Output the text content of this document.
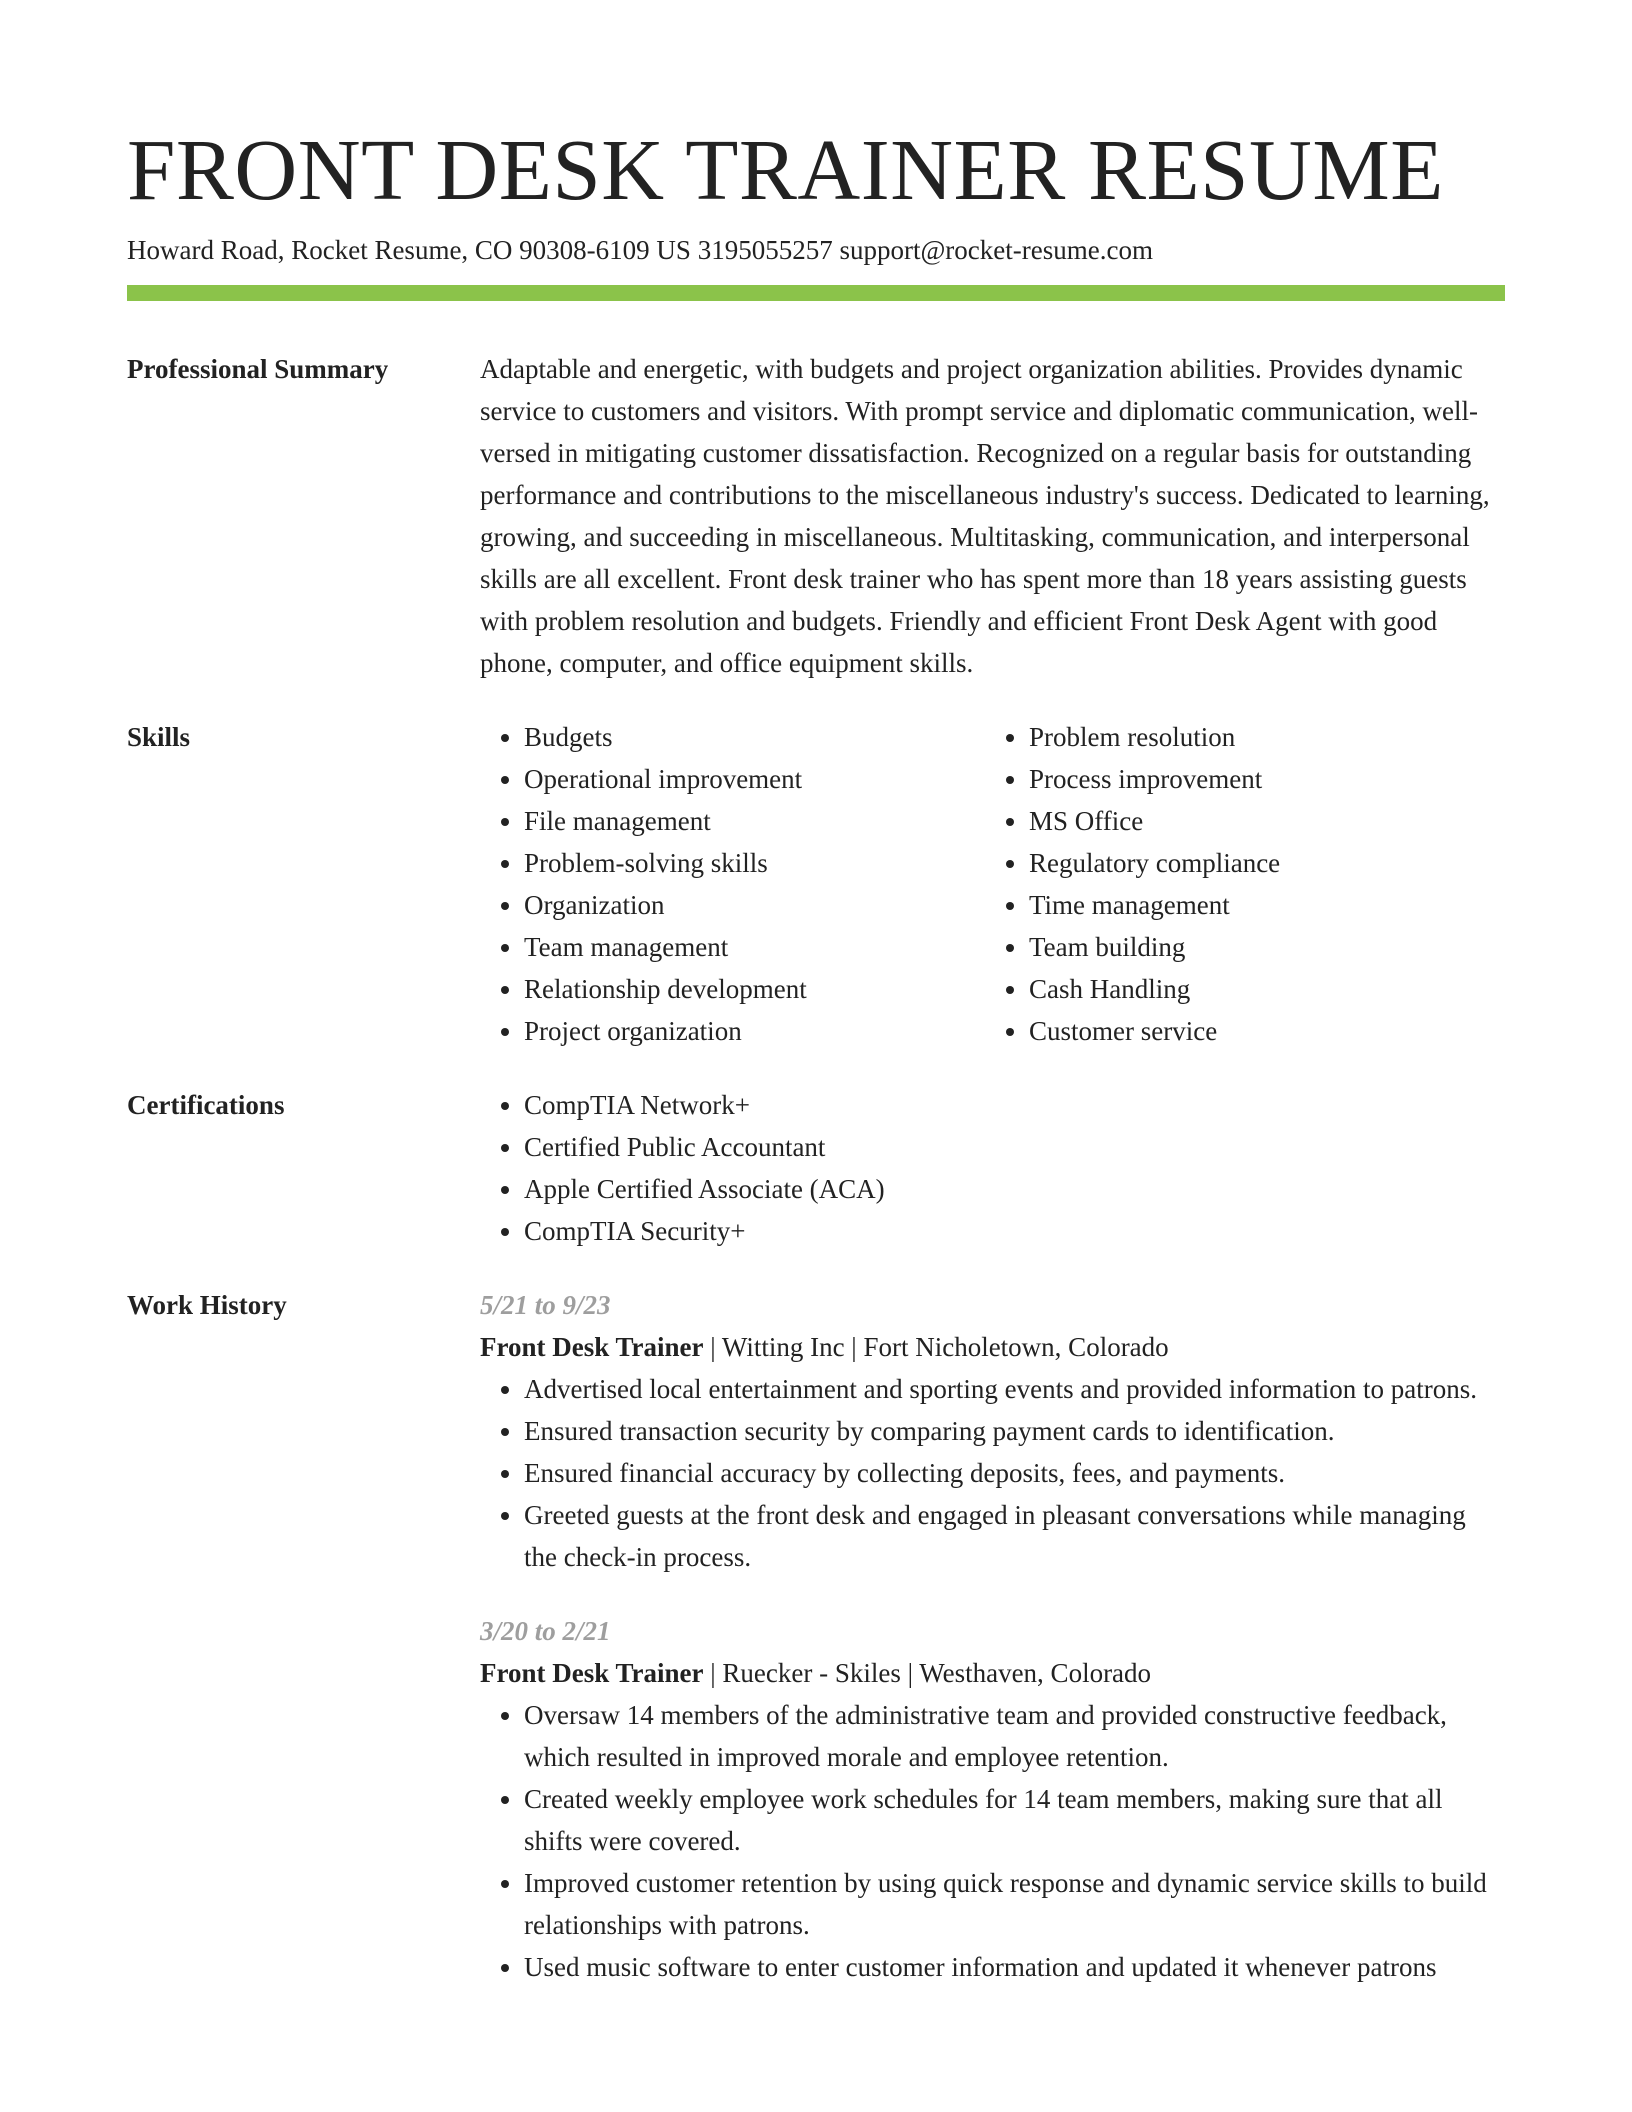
FRONT DESK TRAINER RESUME
Howard Road, Rocket Resume, CO 90308-6109 US 3195055257 support@rocket-resume.com
Professional Summary	Adaptable and energetic, with budgets and project organization abilities. Provides dynamic service to customers and visitors. With prompt service and diplomatic communication, well-versed in mitigating customer dissatisfaction. Recognized on a regular basis for outstanding performance and contributions to the miscellaneous industry's success. Dedicated to learning, growing, and succeeding in miscellaneous. Multitasking, communication, and interpersonal skills are all excellent. Front desk trainer who has spent more than 18 years assisting guests with problem resolution and budgets. Friendly and efficient Front Desk Agent with good phone, computer, and office equipment skills.
Skills	• Budgets
• Operational improvement
• File management
• Problem-solving skills
• Organization
• Team management
• Relationship development
• Project organization
• Problem resolution
• Process improvement
• MS Office
• Regulatory compliance
• Time management
• Team building
• Cash Handling
• Customer service
Certifications	• CompTIA Network+
• Certified Public Accountant
• Apple Certified Associate (ACA)
• CompTIA Security+
Work History	5/21 to 9/23
Front Desk Trainer | Witting Inc | Fort Nicholetown, Colorado
• Advertised local entertainment and sporting events and provided information to patrons.
• Ensured transaction security by comparing payment cards to identification.
• Ensured financial accuracy by collecting deposits, fees, and payments.
• Greeted guests at the front desk and engaged in pleasant conversations while managing the check-in process.
3/20 to 2/21
Front Desk Trainer | Ruecker - Skiles | Westhaven, Colorado
• Oversaw 14 members of the administrative team and provided constructive feedback, which resulted in improved morale and employee retention.
• Created weekly employee work schedules for 14 team members, making sure that all shifts were covered.
• Improved customer retention by using quick response and dynamic service skills to build relationships with patrons.
• Used music software to enter customer information and updated it whenever patrons
